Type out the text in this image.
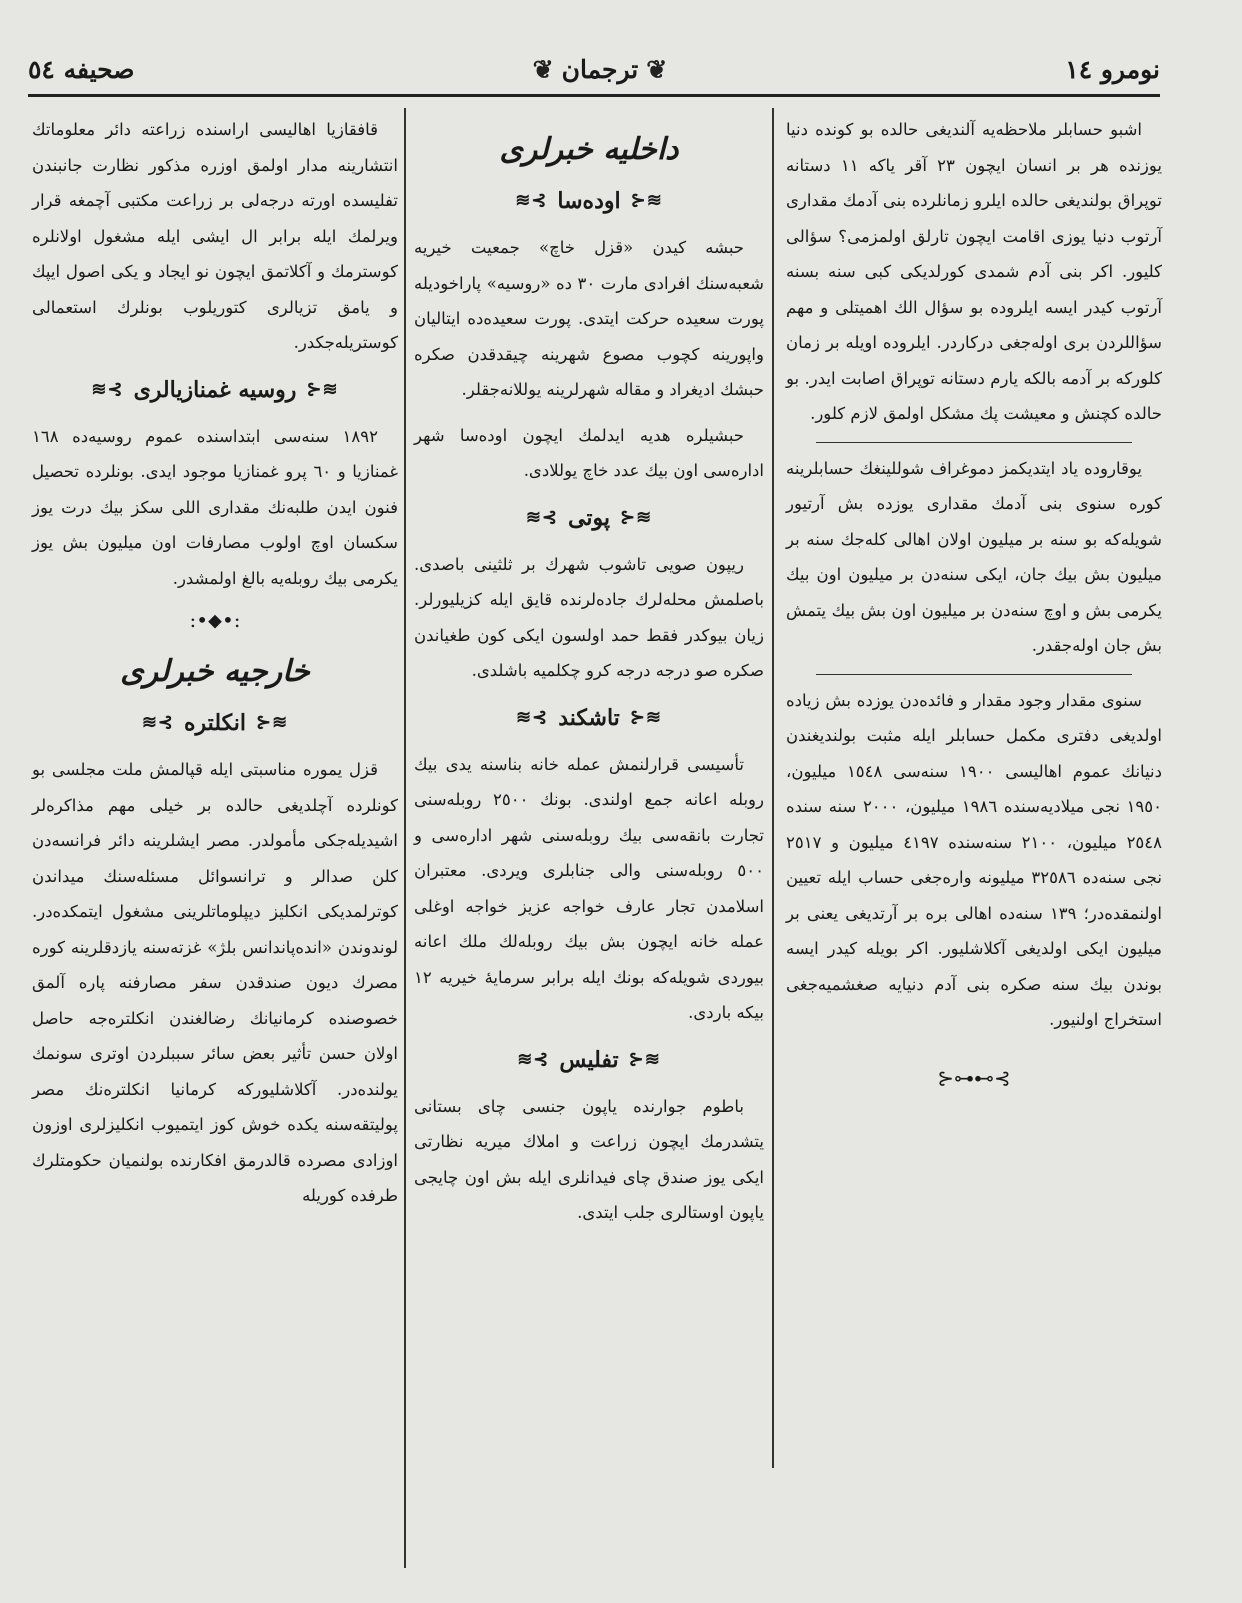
نومرو ١٤
❦
ترجمان
❦
صحيفه ٥٤

اشبو حسابلر ملاحظه‌يه آلنديغى حالده بو كونده دنيا يوزنده هر بر انسان ايچون ٢٣ آقر ياكه ١١ دستانه توپراق بولنديغى حالده ايلرو زمانلرده بنى آدمك مقدارى آرتوب دنيا يوزى اقامت ايچون تارلق اولمزمى؟ سؤالى كليور. اكر بنى آدم شمدى كورلديكى كبى سنه بسنه آرتوب كيدر ايسه ايلروده بو سؤال الك اهميتلى و مهم سؤاللردن برى اوله‌جغى دركاردر. ايلروده اويله بر زمان كلوركه بر آدمه بالكه يارم دستانه توپراق اصابت ايدر. بو حالده كچنش و معيشت پك مشكل اولمق لازم كلور.

يوقاروده ياد ايتديكمز دموغراف شوللينغك حسابلرينه كوره سنوى بنى آدمك مقدارى يوزده بش آرتيور شويله‌كه بو سنه بر ميليون اولان اهالى كله‌جك سنه بر ميليون بش بيك جان، ايكى سنه‌دن بر ميليون اون بيك يكرمى بش و اوچ سنه‌دن بر ميليون اون بش بيك يتمش بش جان اوله‌جقدر.

سنوى مقدار وجود مقدار و فائده‌دن يوزده بش زياده اولديغى دفترى مكمل حسابلر ايله مثبت بولنديغندن دنيانك عموم اهاليسى ١٩٠٠ سنه‌سى ١٥٤٨ ميليون، ١٩٥٠ نجى ميلاديه‌سنده ١٩٨٦ ميليون، ٢٠٠٠ سنه سنده ٢٥٤٨ ميليون، ٢١٠٠ سنه‌سنده ٤١٩٧ ميليون و ٢٥١٧ نجى سنه‌ده ٣٢٥٨٦ ميليونه واره‌جغى حساب ايله تعيين اولنمقده‌در؛ ١٣٩ سنه‌ده اهالى بره بر آرتديغى يعنى بر ميليون ايكى اولديغى آكلاشليور. اكر بويله كيدر ايسه بوندن بيك سنه صكره بنى آدم دنيايه صغشميه‌جغى استخراج اولنيور.

⊱⊶⊷⊰
داخليه خبرلرى
≋⊰
اوده‌سا
⊱≋

حبشه كيدن «قزل خاچ» جمعيت خيريه شعبه‌سنك افرادى مارت ٣٠ ده «روسيه» پاراخوديله پورت سعيده حركت ايتدى. پورت سعيده‌ده ايتاليان واپورينه كچوب مصوع شهرينه چيقدقدن صكره حبشك ادیغراد و مقاله شهرلرينه يوللانه‌جقلر.

حبشيلره هديه ايدلمك ايچون اوده‌سا شهر اداره‌سى اون بيك عدد خاچ يوللادى.

≋⊰
پوتى
⊱≋

ريپون صويى تاشوب شهرك بر ثلثينى باصدى. باصلمش محله‌لرك جاده‌لرنده قايق ايله كزيليورلر. زيان بيوكدر فقط حمد اولسون ايكى كون طغياندن صكره صو درجه درجه كرو چكلميه باشلدى.

≋⊰
تاشكند
⊱≋

تأسيسى قرارلنمش عمله خانه بناسنه يدى بيك روبله اعانه جمع اولندى. بونك ٢٥٠٠ روبله‌سنى تجارت بانقه‌سى بيك روبله‌سنى شهر اداره‌سى و ٥٠٠ روبله‌سنى والى جنابلرى ويردى. معتبران اسلامدن تجار عارف خواجه عزيز خواجه اوغلى عمله خانه ايچون بش بيك روبله‌لك ملك اعانه بيوردى شويله‌كه بونك ايله برابر سرمايهٔ خيريه ١٢ بيكه باردى.

≋⊰
تفليس
⊱≋

باطوم جوارنده ياپون جنسى چاى بستانى يتشدرمك ايچون زراعت و املاك ميريه نظارتى ايكى يوز صندق چاى فيدانلرى ايله بش اون چايجى ياپون اوستالرى جلب ايتدى.

قافقازيا اهاليسى اراسنده زراعته دائر معلوماتك انتشارينه مدار اولمق اوزره مذكور نظارت جانبندن تفليسده اورته درجه‌لى بر زراعت مكتبى آچمغه قرار ويرلمك ايله برابر ال ايشى ايله مشغول اولانلره كوسترمك و آكلاتمق ايچون نو ايجاد و يكى اصول ايپك و يامق تزيالرى كتوريلوب بونلرك استعمالى كوستريله‌جكدر.

≋⊰
روسيه غمنازيالرى
⊱≋

١٨٩٢ سنه‌سى ابتداسنده عموم روسيه‌ده ١٦٨ غمنازيا و ٦٠ پرو غمنازيا موجود ايدى. بونلرده تحصيل فنون ايدن طلبه‌نك مقدارى اللى سكز بيك درت يوز سكسان اوچ اولوب مصارفات اون ميليون بش يوز يكرمى بيك روبله‌يه بالغ اولمشدر.

:•⬥•:
خارجيه خبرلرى
≋⊰
انكلتره
⊱≋

قزل يموره مناسبتى ايله قپالمش ملت مجلسى بو كونلرده آچلديغى حالده بر خيلى مهم مذاكره‌لر اشيديله‌جكى مأمولدر. مصر ايشلرينه دائر فرانسه‌دن كلن صدالر و ترانسوائل مسئله‌سنك ميداندن كوترلمديكى انكليز ديپلوماتلرينى مشغول ايتمكده‌در. لوندوندن «انده‌پاندانس بلژ» غزته‌سنه يازدقلرينه كوره مصرك ديون صندقدن سفر مصارفنه پاره آلمق خصوصنده كرمانيانك رضالغندن انكلتره‌جه حاصل اولان حسن تأثير بعض سائر سببلردن اوترى سونمك يولنده‌در. آكلاشليوركه كرمانيا انكلتره‌نك مصر پوليتقه‌سنه يكده خوش كوز ايتميوب انكليزلرى اوزون اوزادى مصرده قالدرمق افكارنده بولنميان حكومتلرك طرفده كوريله
